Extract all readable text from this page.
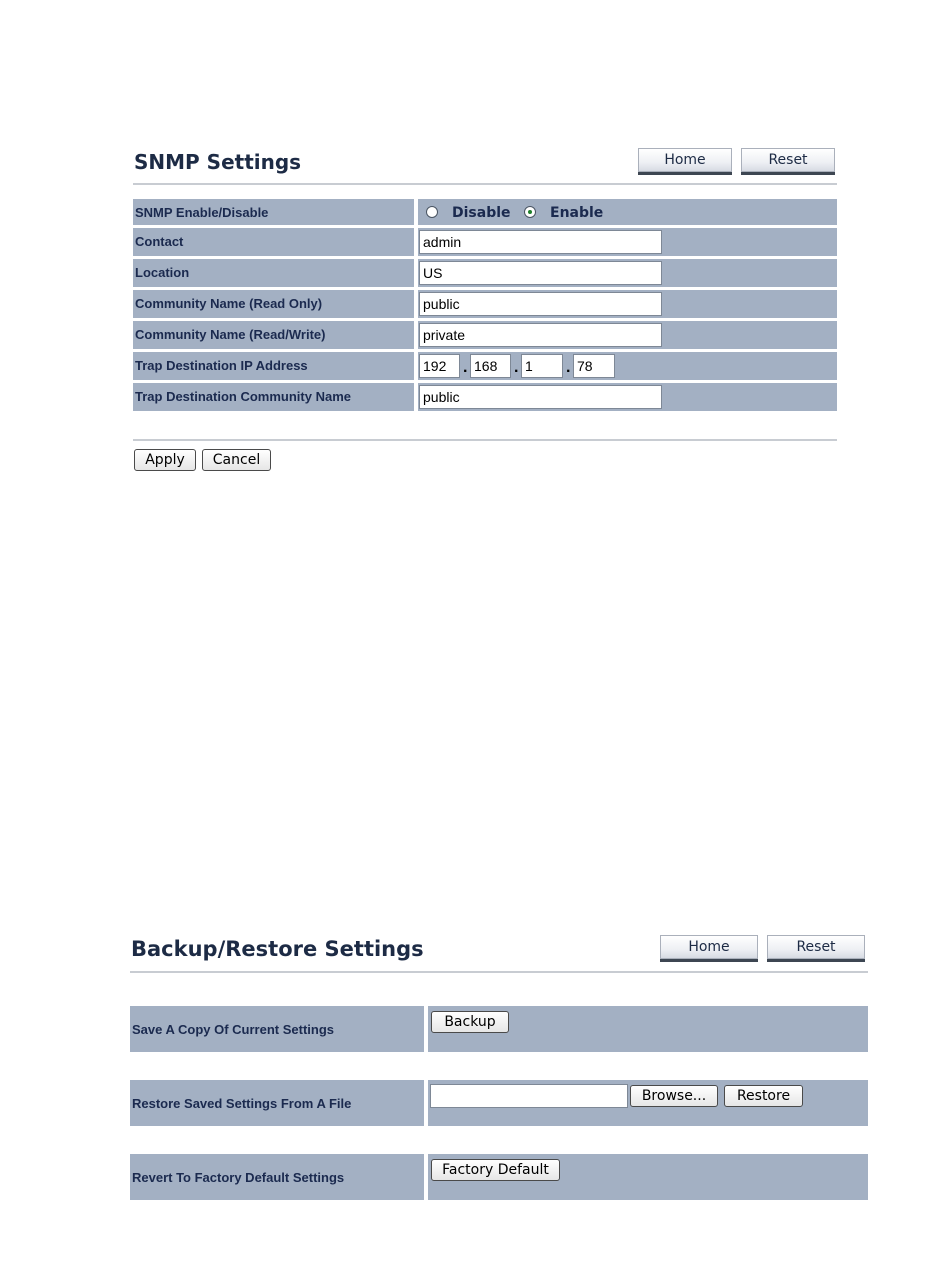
SNMP Settings	Home	Reset
SNMP Enable/Disable	Disable	Enable
Contact	admin
Location	US
Community Name (Read Only)	public
Community Name (Read/Write)	private
Trap Destination IP Address	192	. 168	. 1	. 78
Trap Destination Community Name	public
Apply	Cancel
Backup/Restore Settings	Home	Reset
Save A Copy Of Current Settings	Backup
Restore Saved Settings From A File	Browse...	Restore
Revert To Factory Default Settings	Factory Default
